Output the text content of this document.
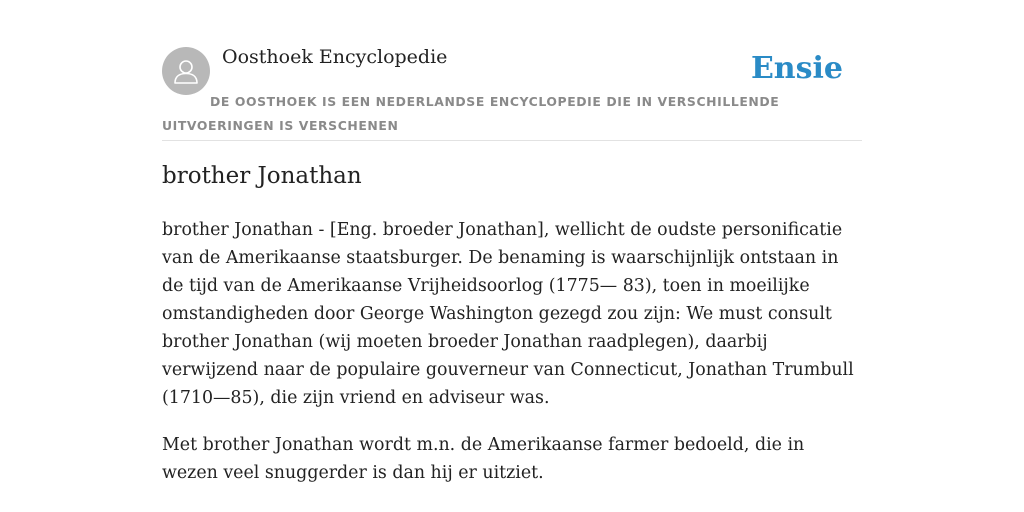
Oosthoek Encyclopedie	Ensie
DE OOSTHOEK IS EEN NEDERLANDSE ENCYCLOPEDIE DIE IN VERSCHILLENDE UITVOERINGEN IS VERSCHENEN
brother Jonathan

brother Jonathan - [Eng. broeder Jonathan], wellicht de oudste personificatie van de Amerikaanse staatsburger. De benaming is waarschijnlijk ontstaan in de tijd van de Amerikaanse Vrijheidsoorlog (1775— 83), toen in moeilijke omstandigheden door George Washington gezegd zou zijn: We must consult brother Jonathan (wij moeten broeder Jonathan raadplegen), daarbij verwijzend naar de populaire gouverneur van Connecticut, Jonathan Trumbull (1710—85), die zijn vriend en adviseur was.

Met brother Jonathan wordt m.n. de Amerikaanse farmer bedoeld, die in wezen veel snuggerder is dan hij er uitziet.
